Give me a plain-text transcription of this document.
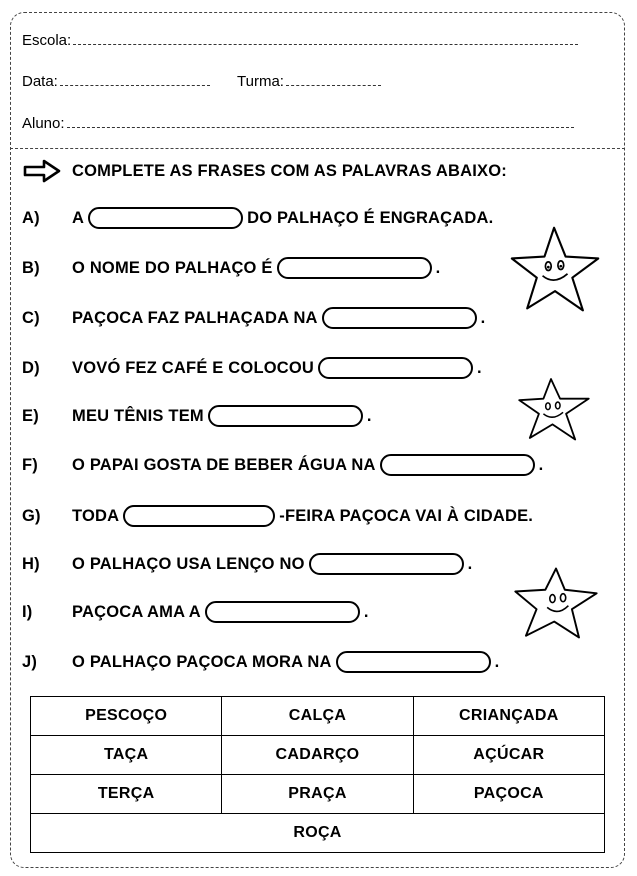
Escola:
Data:	Turma:
Aluno:
COMPLETE AS FRASES COM AS PALAVRAS ABAIXO:
A)	A	DO PALHAÇO É ENGRAÇADA.
B)	O NOME DO PALHAÇO É	.
C)	PAÇOCA FAZ PALHAÇADA NA	.
D)	VOVÓ FEZ CAFÉ E COLOCOU	.
E)	MEU TÊNIS TEM	.
F)	O PAPAI GOSTA DE BEBER ÁGUA NA	.
G)	TODA	-FEIRA PAÇOCA VAI À CIDADE.
H)	O PALHAÇO USA LENÇO NO	.
I)	PAÇOCA AMA A	.
J)	O PALHAÇO PAÇOCA MORA NA	.
PESCOÇO	CALÇA	CRIANÇADA
TAÇA	CADARÇO	AÇÚCAR
TERÇA	PRAÇA	PAÇOCA
ROÇA		
